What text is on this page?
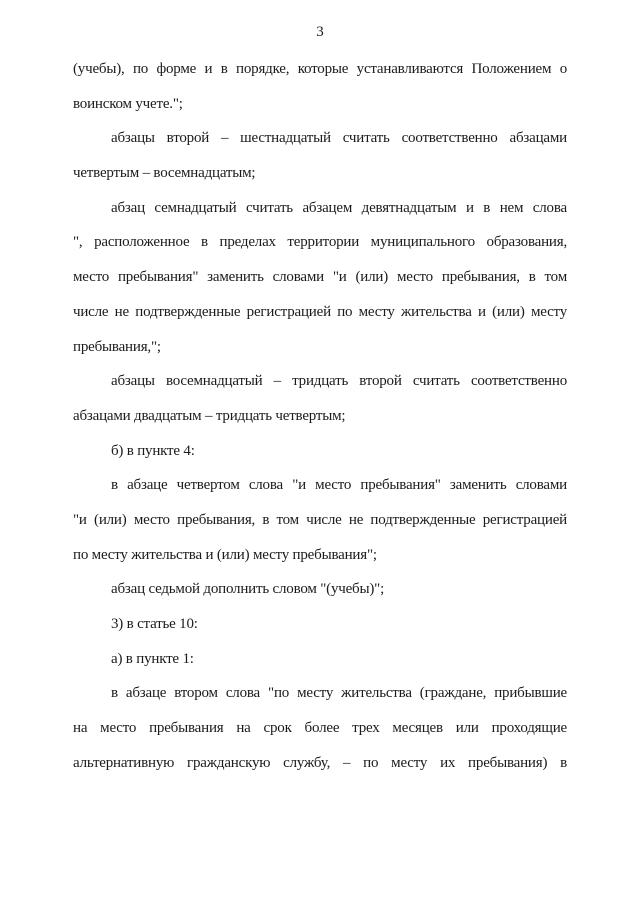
3
(учебы), по форме и в порядке, которые устанавливаются Положением о
воинском учете.";
абзацы второй – шестнадцатый считать соответственно абзацами
четвертым – восемнадцатым;
абзац семнадцатый считать абзацем девятнадцатым и в нем слова
", расположенное в пределах территории муниципального образования,
место пребывания" заменить словами "и (или) место пребывания, в том
числе не подтвержденные регистрацией по месту жительства и (или) месту
пребывания,";
абзацы восемнадцатый – тридцать второй считать соответственно
абзацами двадцатым – тридцать четвертым;
б) в пункте 4:
в абзаце четвертом слова "и место пребывания" заменить словами
"и (или) место пребывания, в том числе не подтвержденные регистрацией
по месту жительства и (или) месту пребывания";
абзац седьмой дополнить словом "(учебы)";
3) в статье 10:
а) в пункте 1:
в абзаце втором слова "по месту жительства (граждане, прибывшие
на место пребывания на срок более трех месяцев или проходящие
альтернативную гражданскую службу, – по месту их пребывания) в
